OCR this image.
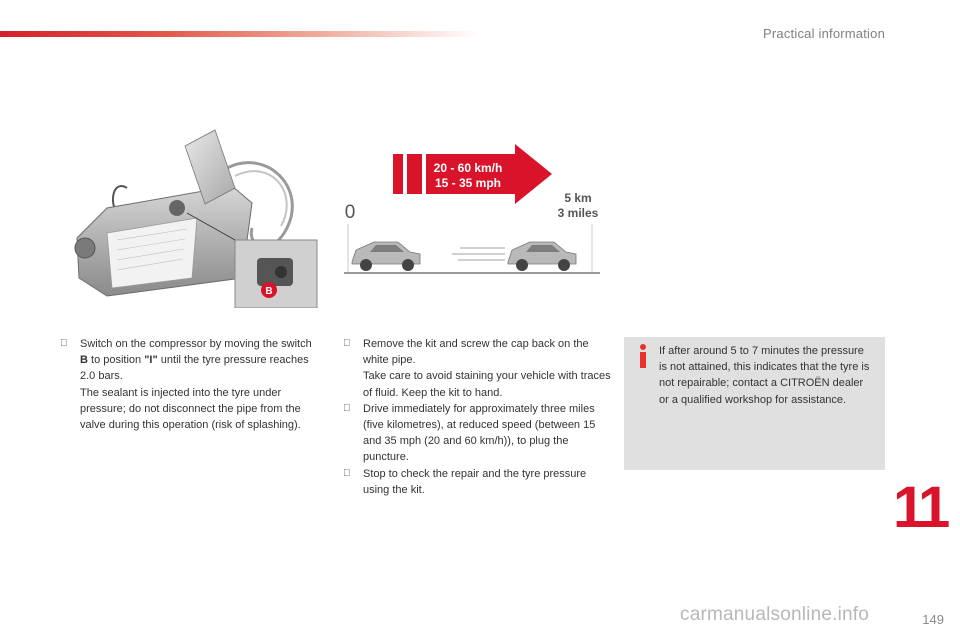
Practical information
B
20 - 60 km/h
15 - 35 mph
0
5 km
3 miles

Switch on the compressor by moving the switch B to position "I" until the tyre pressure reaches 2.0 bars.

The sealant is injected into the tyre under pressure; do not disconnect the pipe from the valve during this operation (risk of splashing).

Remove the kit and screw the cap back on the white pipe.

Take care to avoid staining your vehicle with traces of fluid. Keep the kit to hand.

Drive immediately for approximately three miles (five kilometres), at reduced speed (between 15 and 35 mph (20 and 60 km/h)), to plug the puncture.

Stop to check the repair and the tyre pressure using the kit.

If after around 5 to 7 minutes the pressure is not attained, this indicates that the tyre is not repairable; contact a CITROËN dealer or a qualified workshop for assistance.
11
carmanualsonline.info	149
